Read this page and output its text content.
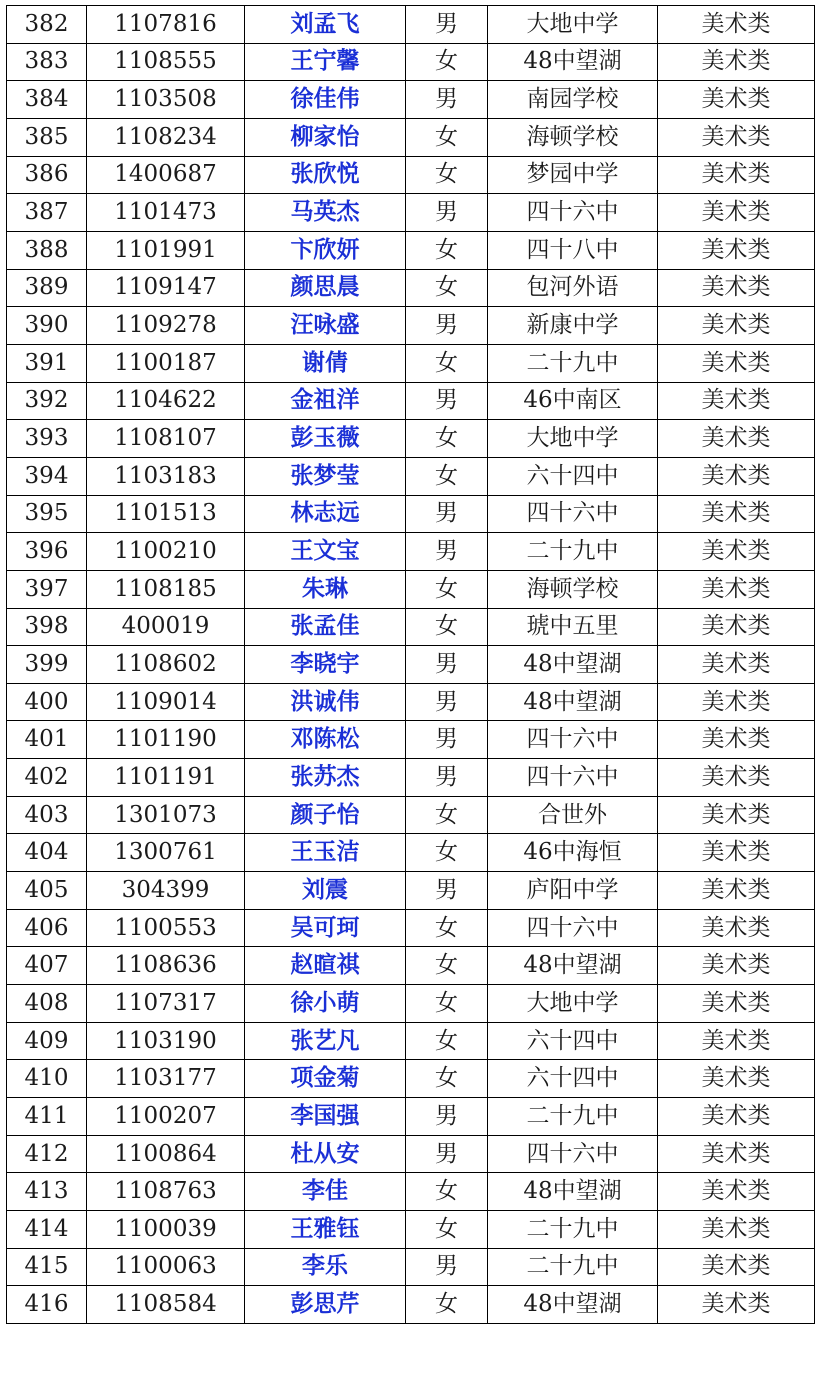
382	1107816	刘孟飞	男	大地中学	美术类
383	1108555	王宁馨	女	48中望湖	美术类
384	1103508	徐佳伟	男	南园学校	美术类
385	1108234	柳家怡	女	海顿学校	美术类
386	1400687	张欣悦	女	梦园中学	美术类
387	1101473	马英杰	男	四十六中	美术类
388	1101991	卞欣妍	女	四十八中	美术类
389	1109147	颜思晨	女	包河外语	美术类
390	1109278	汪咏盛	男	新康中学	美术类
391	1100187	谢倩	女	二十九中	美术类
392	1104622	金祖洋	男	46中南区	美术类
393	1108107	彭玉薇	女	大地中学	美术类
394	1103183	张梦莹	女	六十四中	美术类
395	1101513	林志远	男	四十六中	美术类
396	1100210	王文宝	男	二十九中	美术类
397	1108185	朱琳	女	海顿学校	美术类
398	400019	张孟佳	女	琥中五里	美术类
399	1108602	李晓宇	男	48中望湖	美术类
400	1109014	洪诚伟	男	48中望湖	美术类
401	1101190	邓陈松	男	四十六中	美术类
402	1101191	张苏杰	男	四十六中	美术类
403	1301073	颜子怡	女	合世外	美术类
404	1300761	王玉洁	女	46中海恒	美术类
405	304399	刘震	男	庐阳中学	美术类
406	1100553	吴可珂	女	四十六中	美术类
407	1108636	赵暄祺	女	48中望湖	美术类
408	1107317	徐小萌	女	大地中学	美术类
409	1103190	张艺凡	女	六十四中	美术类
410	1103177	项金菊	女	六十四中	美术类
411	1100207	李国强	男	二十九中	美术类
412	1100864	杜从安	男	四十六中	美术类
413	1108763	李佳	女	48中望湖	美术类
414	1100039	王雅钰	女	二十九中	美术类
415	1100063	李乐	男	二十九中	美术类
416	1108584	彭思芹	女	48中望湖	美术类
